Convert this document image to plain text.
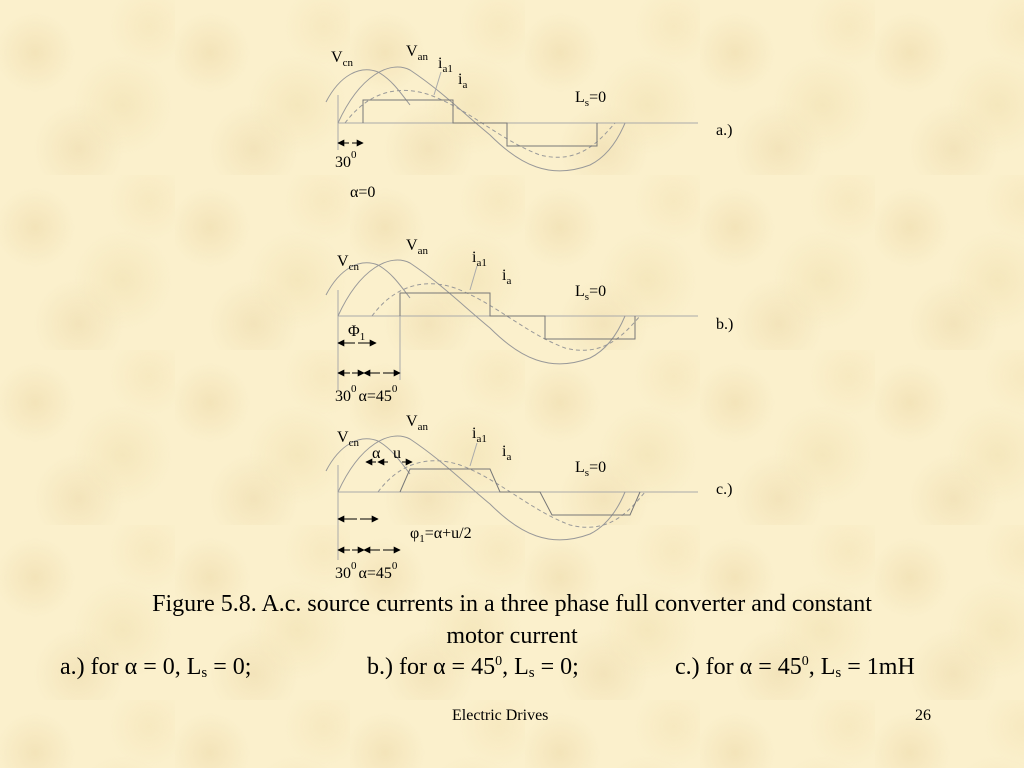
$V_{cn}$
$V_{an}$ $i_{a1}$
$i_a$
$L_s=0$
$30^0$
α=0
a.)
$V_{cn}$
$V_{an}$	$i_{a1}$
$i_a$
$L_s=0$
$\Phi_1$
$30^0$ $\alpha=45^0$
b.)
$V_{cn}$
$V_{an}$	$i_{a1}$
$i_a$
$L_s=0$
α u
$\varphi_1=\alpha+u/2$
$30^0$ $\alpha=45^0$
c.)
Figure 5.8. A.c. source currents in a three phase full converter and constant
motor current
a.) for α = 0, $L_s = 0$;	b.) for $\alpha = 45^0$, Ls = 0;	c.) for $\alpha = 45^0$, Ls = 1mH
Electric Drives	26
